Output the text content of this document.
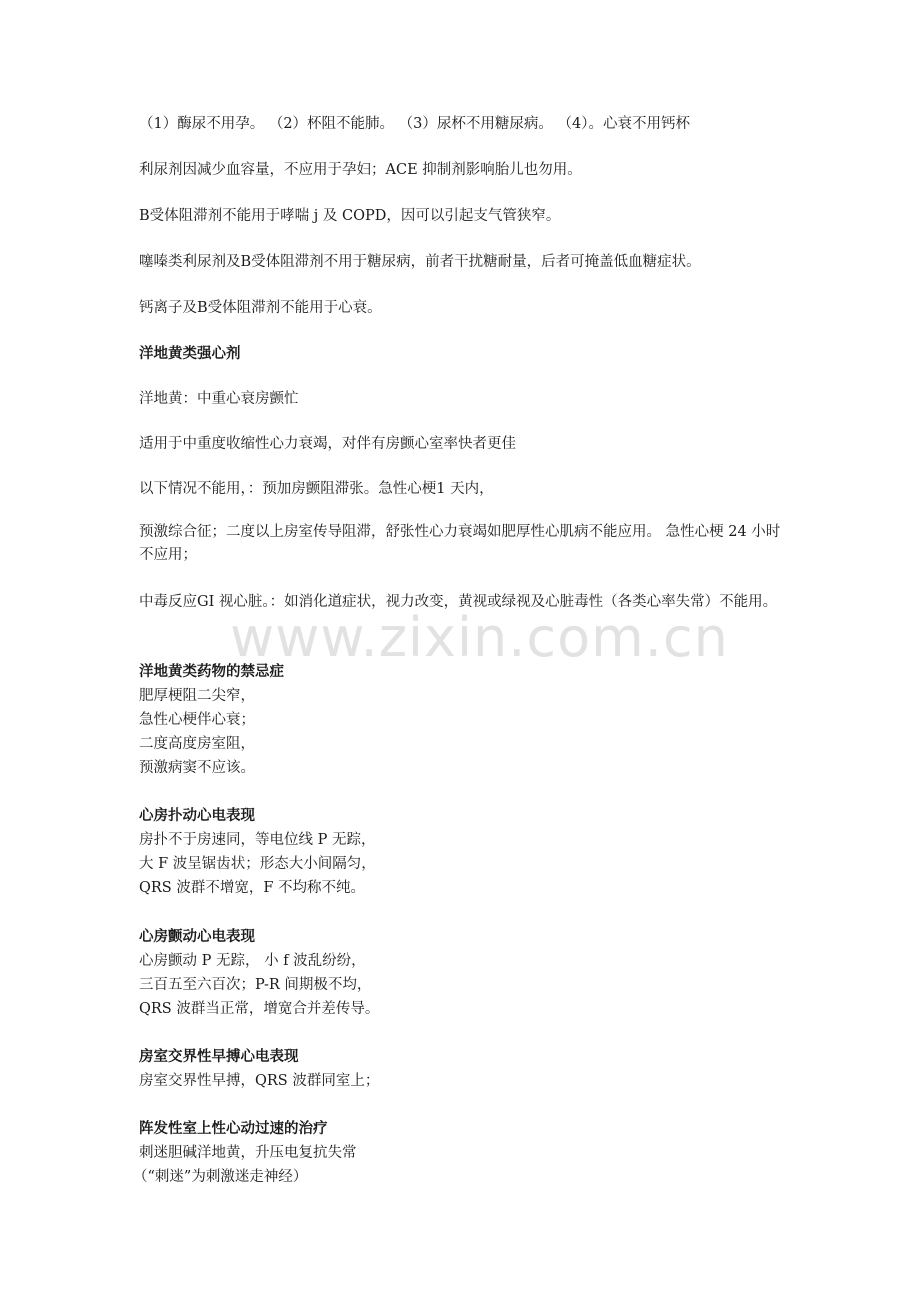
（1）酶尿不用孕。 （2）杯阻不能肺。 （3）尿杯不用糖尿病。 （4）。心衰不用钙杯

利尿剂因减少血容量，不应用于孕妇；ACE 抑制剂影响胎儿也勿用。

Β受体阻滞剂不能用于哮喘 j 及 COPD，因可以引起支气管狭窄。

噻嗪类利尿剂及Β受体阻滞剂不用于糖尿病，前者干扰糖耐量，后者可掩盖低血糖症状。

钙离子及Β受体阻滞剂不能用于心衰。

洋地黄类强心剂

洋地黄：中重心衰房颤忙

适用于中重度收缩性心力衰竭，对伴有房颤心室率快者更佳

以下情况不能用，：预加房颤阻滞张。急性心梗1 天内，

预激综合征；二度以上房室传导阻滞，舒张性心力衰竭如肥厚性心肌病不能应用。 急性心梗 24 小时不应用；

中毒反应GI 视心脏。：如消化道症状，视力改变，黄视或绿视及心脏毒性（各类心率失常）不能用。

洋地黄类药物的禁忌症
肥厚梗阻二尖窄，
急性心梗伴心衰；
二度高度房室阻，
预激病窦不应该。
心房扑动心电表现
房扑不于房速同，等电位线 P 无踪，
大 F 波呈锯齿状；形态大小间隔匀，
QRS 波群不增宽，F 不均称不纯。
心房颤动心电表现
心房颤动 P 无踪， 小 f 波乱纷纷，
三百五至六百次；P-R 间期极不均，
QRS 波群当正常，增宽合并差传导。
房室交界性早搏心电表现
房室交界性早搏，QRS 波群同室上；
阵发性室上性心动过速的治疗
刺迷胆碱洋地黄，升压电复抗失常
（“刺迷”为刺激迷走神经）
www.zixin.com.cn
